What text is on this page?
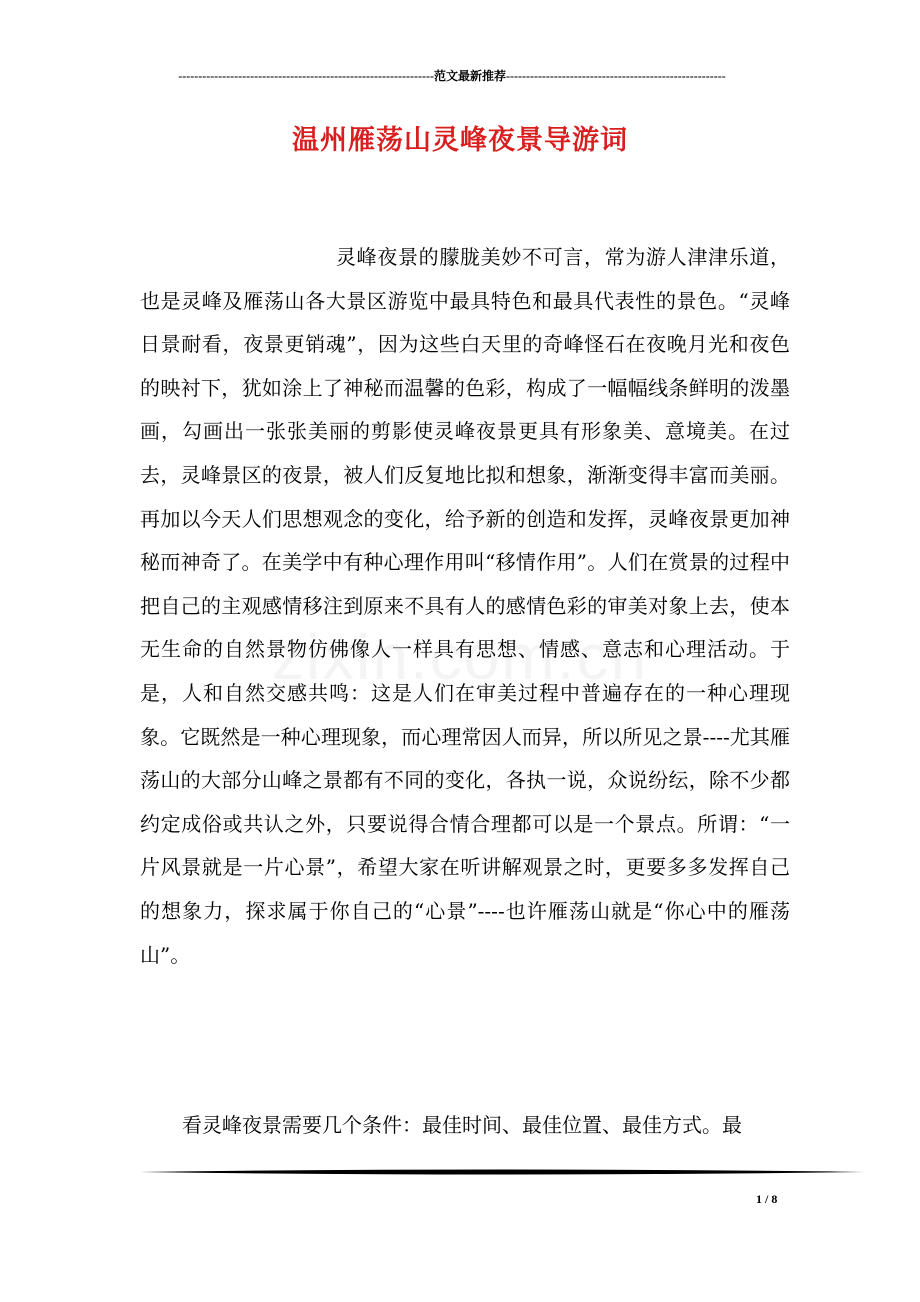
----------------------------------------------------------------范文最新推荐-------------------------------------------------------
温州雁荡山灵峰夜景导游词

灵峰夜景的朦胧美妙不可言，常为游人津津乐道，也是灵峰及雁荡山各大景区游览中最具特色和最具代表性的景色。“灵峰日景耐看，夜景更销魂”，因为这些白天里的奇峰怪石在夜晚月光和夜色的映衬下，犹如涂上了神秘而温馨的色彩，构成了一幅幅线条鲜明的泼墨画，勾画出一张张美丽的剪影使灵峰夜景更具有形象美、意境美。在过去，灵峰景区的夜景，被人们反复地比拟和想象，渐渐变得丰富而美丽。再加以今天人们思想观念的变化，给予新的创造和发挥，灵峰夜景更加神秘而神奇了。在美学中有种心理作用叫“移情作用”。人们在赏景的过程中把自己的主观感情移注到原来不具有人的感情色彩的审美对象上去，使本无生命的自然景物仿佛像人一样具有思想、情感、意志和心理活动。于是，人和自然交感共鸣：这是人们在审美过程中普遍存在的一种心理现象。它既然是一种心理现象，而心理常因人而异，所以所见之景----尤其雁荡山的大部分山峰之景都有不同的变化，各执一说，众说纷纭，除不少都约定成俗或共认之外，只要说得合情合理都可以是一个景点。所谓：“一片风景就是一片心景”，希望大家在听讲解观景之时，更要多多发挥自己的想象力，探求属于你自己的“心景”----也许雁荡山就是“你心中的雁荡山”。

看灵峰夜景需要几个条件：最佳时间、最佳位置、最佳方式。最

1 / 8
